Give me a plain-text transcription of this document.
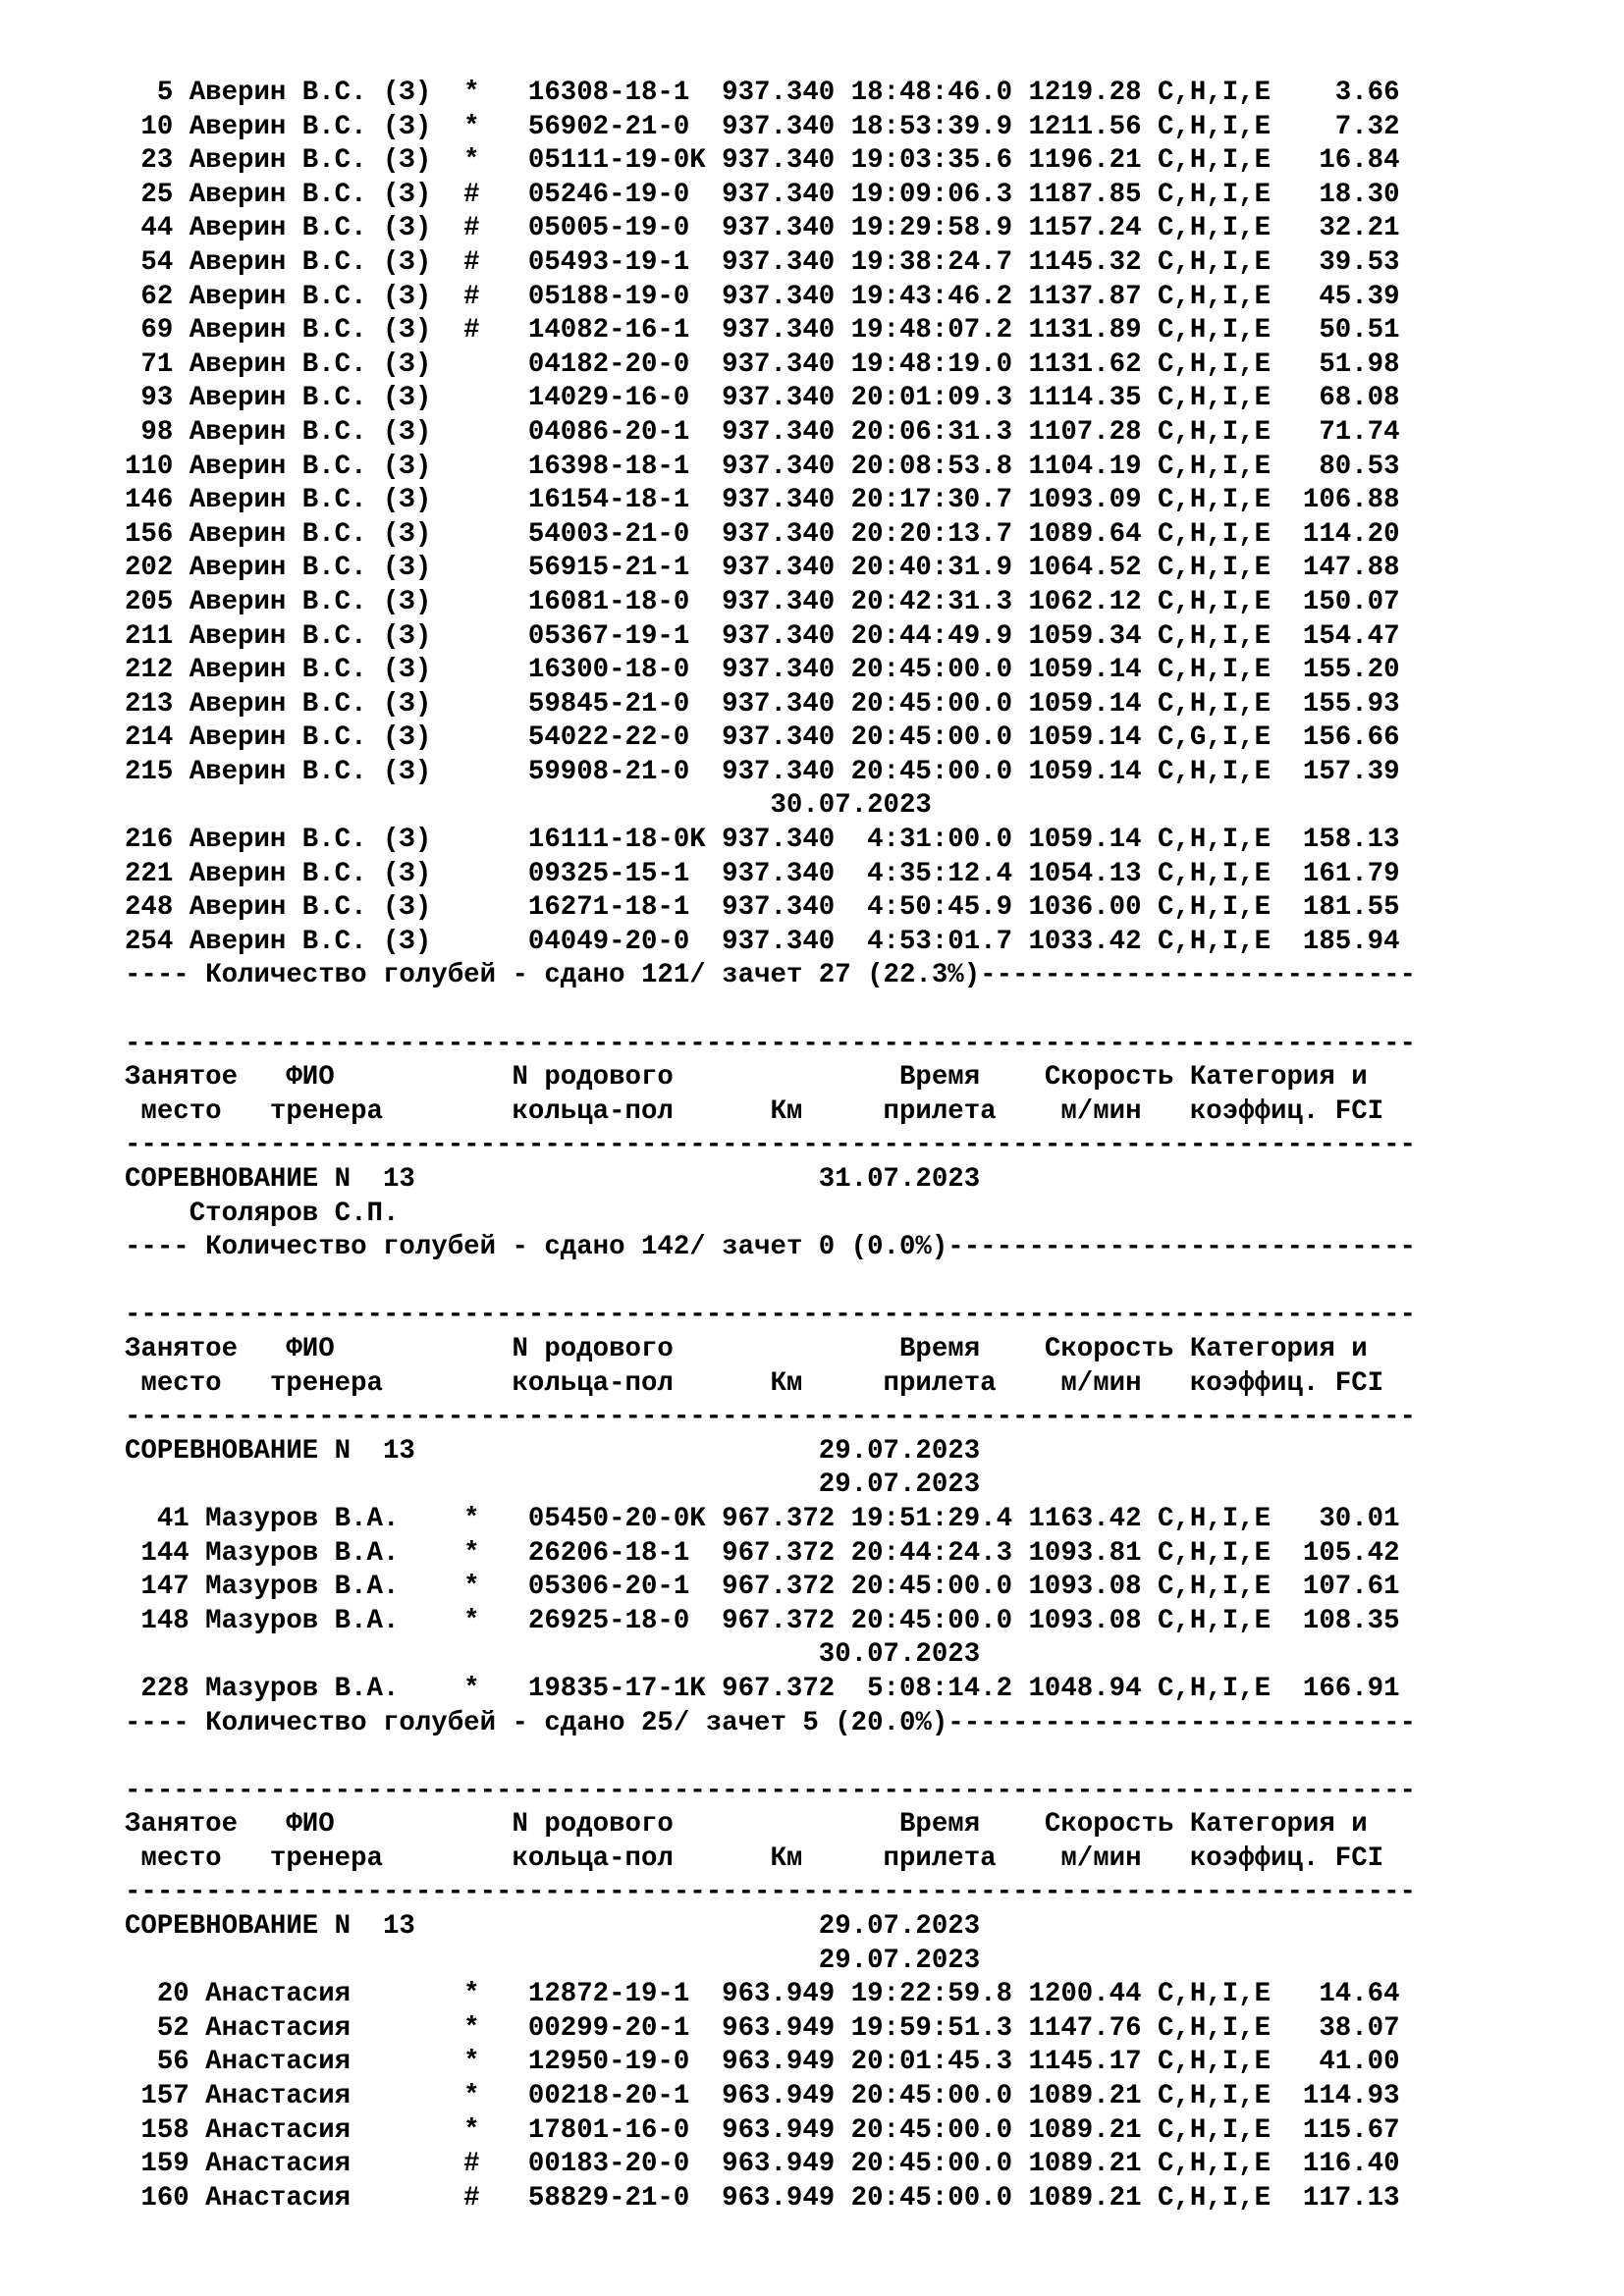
5 Аверин В.С. (З)  *   16308-18-1  937.340 18:48:46.0 1219.28 C,H,I,E    3.66
10 Аверин В.С. (З)  *   56902-21-0  937.340 18:53:39.9 1211.56 C,H,I,E    7.32
23 Аверин В.С. (З)  *   05111-19-0K 937.340 19:03:35.6 1196.21 C,H,I,E   16.84
25 Аверин В.С. (З)  #   05246-19-0  937.340 19:09:06.3 1187.85 C,H,I,E   18.30
44 Аверин В.С. (З)  #   05005-19-0  937.340 19:29:58.9 1157.24 C,H,I,E   32.21
54 Аверин В.С. (З)  #   05493-19-1  937.340 19:38:24.7 1145.32 C,H,I,E   39.53
62 Аверин В.С. (З)  #   05188-19-0  937.340 19:43:46.2 1137.87 C,H,I,E   45.39
69 Аверин В.С. (З)  #   14082-16-1  937.340 19:48:07.2 1131.89 C,H,I,E   50.51
71 Аверин В.С. (З)      04182-20-0  937.340 19:48:19.0 1131.62 C,H,I,E   51.98
93 Аверин В.С. (З)      14029-16-0  937.340 20:01:09.3 1114.35 C,H,I,E   68.08
98 Аверин В.С. (З)      04086-20-1  937.340 20:06:31.3 1107.28 C,H,I,E   71.74
110 Аверин В.С. (З)      16398-18-1  937.340 20:08:53.8 1104.19 C,H,I,E   80.53
146 Аверин В.С. (З)      16154-18-1  937.340 20:17:30.7 1093.09 C,H,I,E  106.88
156 Аверин В.С. (З)      54003-21-0  937.340 20:20:13.7 1089.64 C,H,I,E  114.20
202 Аверин В.С. (З)      56915-21-1  937.340 20:40:31.9 1064.52 C,H,I,E  147.88
205 Аверин В.С. (З)      16081-18-0  937.340 20:42:31.3 1062.12 C,H,I,E  150.07
211 Аверин В.С. (З)      05367-19-1  937.340 20:44:49.9 1059.34 C,H,I,E  154.47
212 Аверин В.С. (З)      16300-18-0  937.340 20:45:00.0 1059.14 C,H,I,E  155.20
213 Аверин В.С. (З)      59845-21-0  937.340 20:45:00.0 1059.14 C,H,I,E  155.93
214 Аверин В.С. (З)      54022-22-0  937.340 20:45:00.0 1059.14 C,G,I,E  156.66
215 Аверин В.С. (З)      59908-21-0  937.340 20:45:00.0 1059.14 C,H,I,E  157.39
30.07.2023
216 Аверин В.С. (З)      16111-18-0K 937.340  4:31:00.0 1059.14 C,H,I,E  158.13
221 Аверин В.С. (З)      09325-15-1  937.340  4:35:12.4 1054.13 C,H,I,E  161.79
248 Аверин В.С. (З)      16271-18-1  937.340  4:50:45.9 1036.00 C,H,I,E  181.55
254 Аверин В.С. (З)      04049-20-0  937.340  4:53:01.7 1033.42 C,H,I,E  185.94
---- Количество голубей - сдано 121/ зачет 27 (22.3%)---------------------------
--------------------------------------------------------------------------------
Занятое   ФИО           N родового              Время    Скорость Категория и
место   тренера        кольца-пол      Км     прилета    м/мин   коэффиц. FCI
--------------------------------------------------------------------------------
СОРЕВНОВАНИЕ N  13                         31.07.2023
Столяров С.П.
---- Количество голубей - сдано 142/ зачет 0 (0.0%)-----------------------------
--------------------------------------------------------------------------------
Занятое   ФИО           N родового              Время    Скорость Категория и
место   тренера        кольца-пол      Км     прилета    м/мин   коэффиц. FCI
--------------------------------------------------------------------------------
СОРЕВНОВАНИЕ N  13                         29.07.2023
29.07.2023
41 Мазуров В.А.    *   05450-20-0K 967.372 19:51:29.4 1163.42 C,H,I,E   30.01
144 Мазуров В.А.    *   26206-18-1  967.372 20:44:24.3 1093.81 C,H,I,E  105.42
147 Мазуров В.А.    *   05306-20-1  967.372 20:45:00.0 1093.08 C,H,I,E  107.61
148 Мазуров В.А.    *   26925-18-0  967.372 20:45:00.0 1093.08 C,H,I,E  108.35
30.07.2023
228 Мазуров В.А.    *   19835-17-1K 967.372  5:08:14.2 1048.94 C,H,I,E  166.91
---- Количество голубей - сдано 25/ зачет 5 (20.0%)-----------------------------
--------------------------------------------------------------------------------
Занятое   ФИО           N родового              Время    Скорость Категория и
место   тренера        кольца-пол      Км     прилета    м/мин   коэффиц. FCI
--------------------------------------------------------------------------------
СОРЕВНОВАНИЕ N  13                         29.07.2023
29.07.2023
20 Анастасия       *   12872-19-1  963.949 19:22:59.8 1200.44 C,H,I,E   14.64
52 Анастасия       *   00299-20-1  963.949 19:59:51.3 1147.76 C,H,I,E   38.07
56 Анастасия       *   12950-19-0  963.949 20:01:45.3 1145.17 C,H,I,E   41.00
157 Анастасия       *   00218-20-1  963.949 20:45:00.0 1089.21 C,H,I,E  114.93
158 Анастасия       *   17801-16-0  963.949 20:45:00.0 1089.21 C,H,I,E  115.67
159 Анастасия       #   00183-20-0  963.949 20:45:00.0 1089.21 C,H,I,E  116.40
160 Анастасия       #   58829-21-0  963.949 20:45:00.0 1089.21 C,H,I,E  117.13
